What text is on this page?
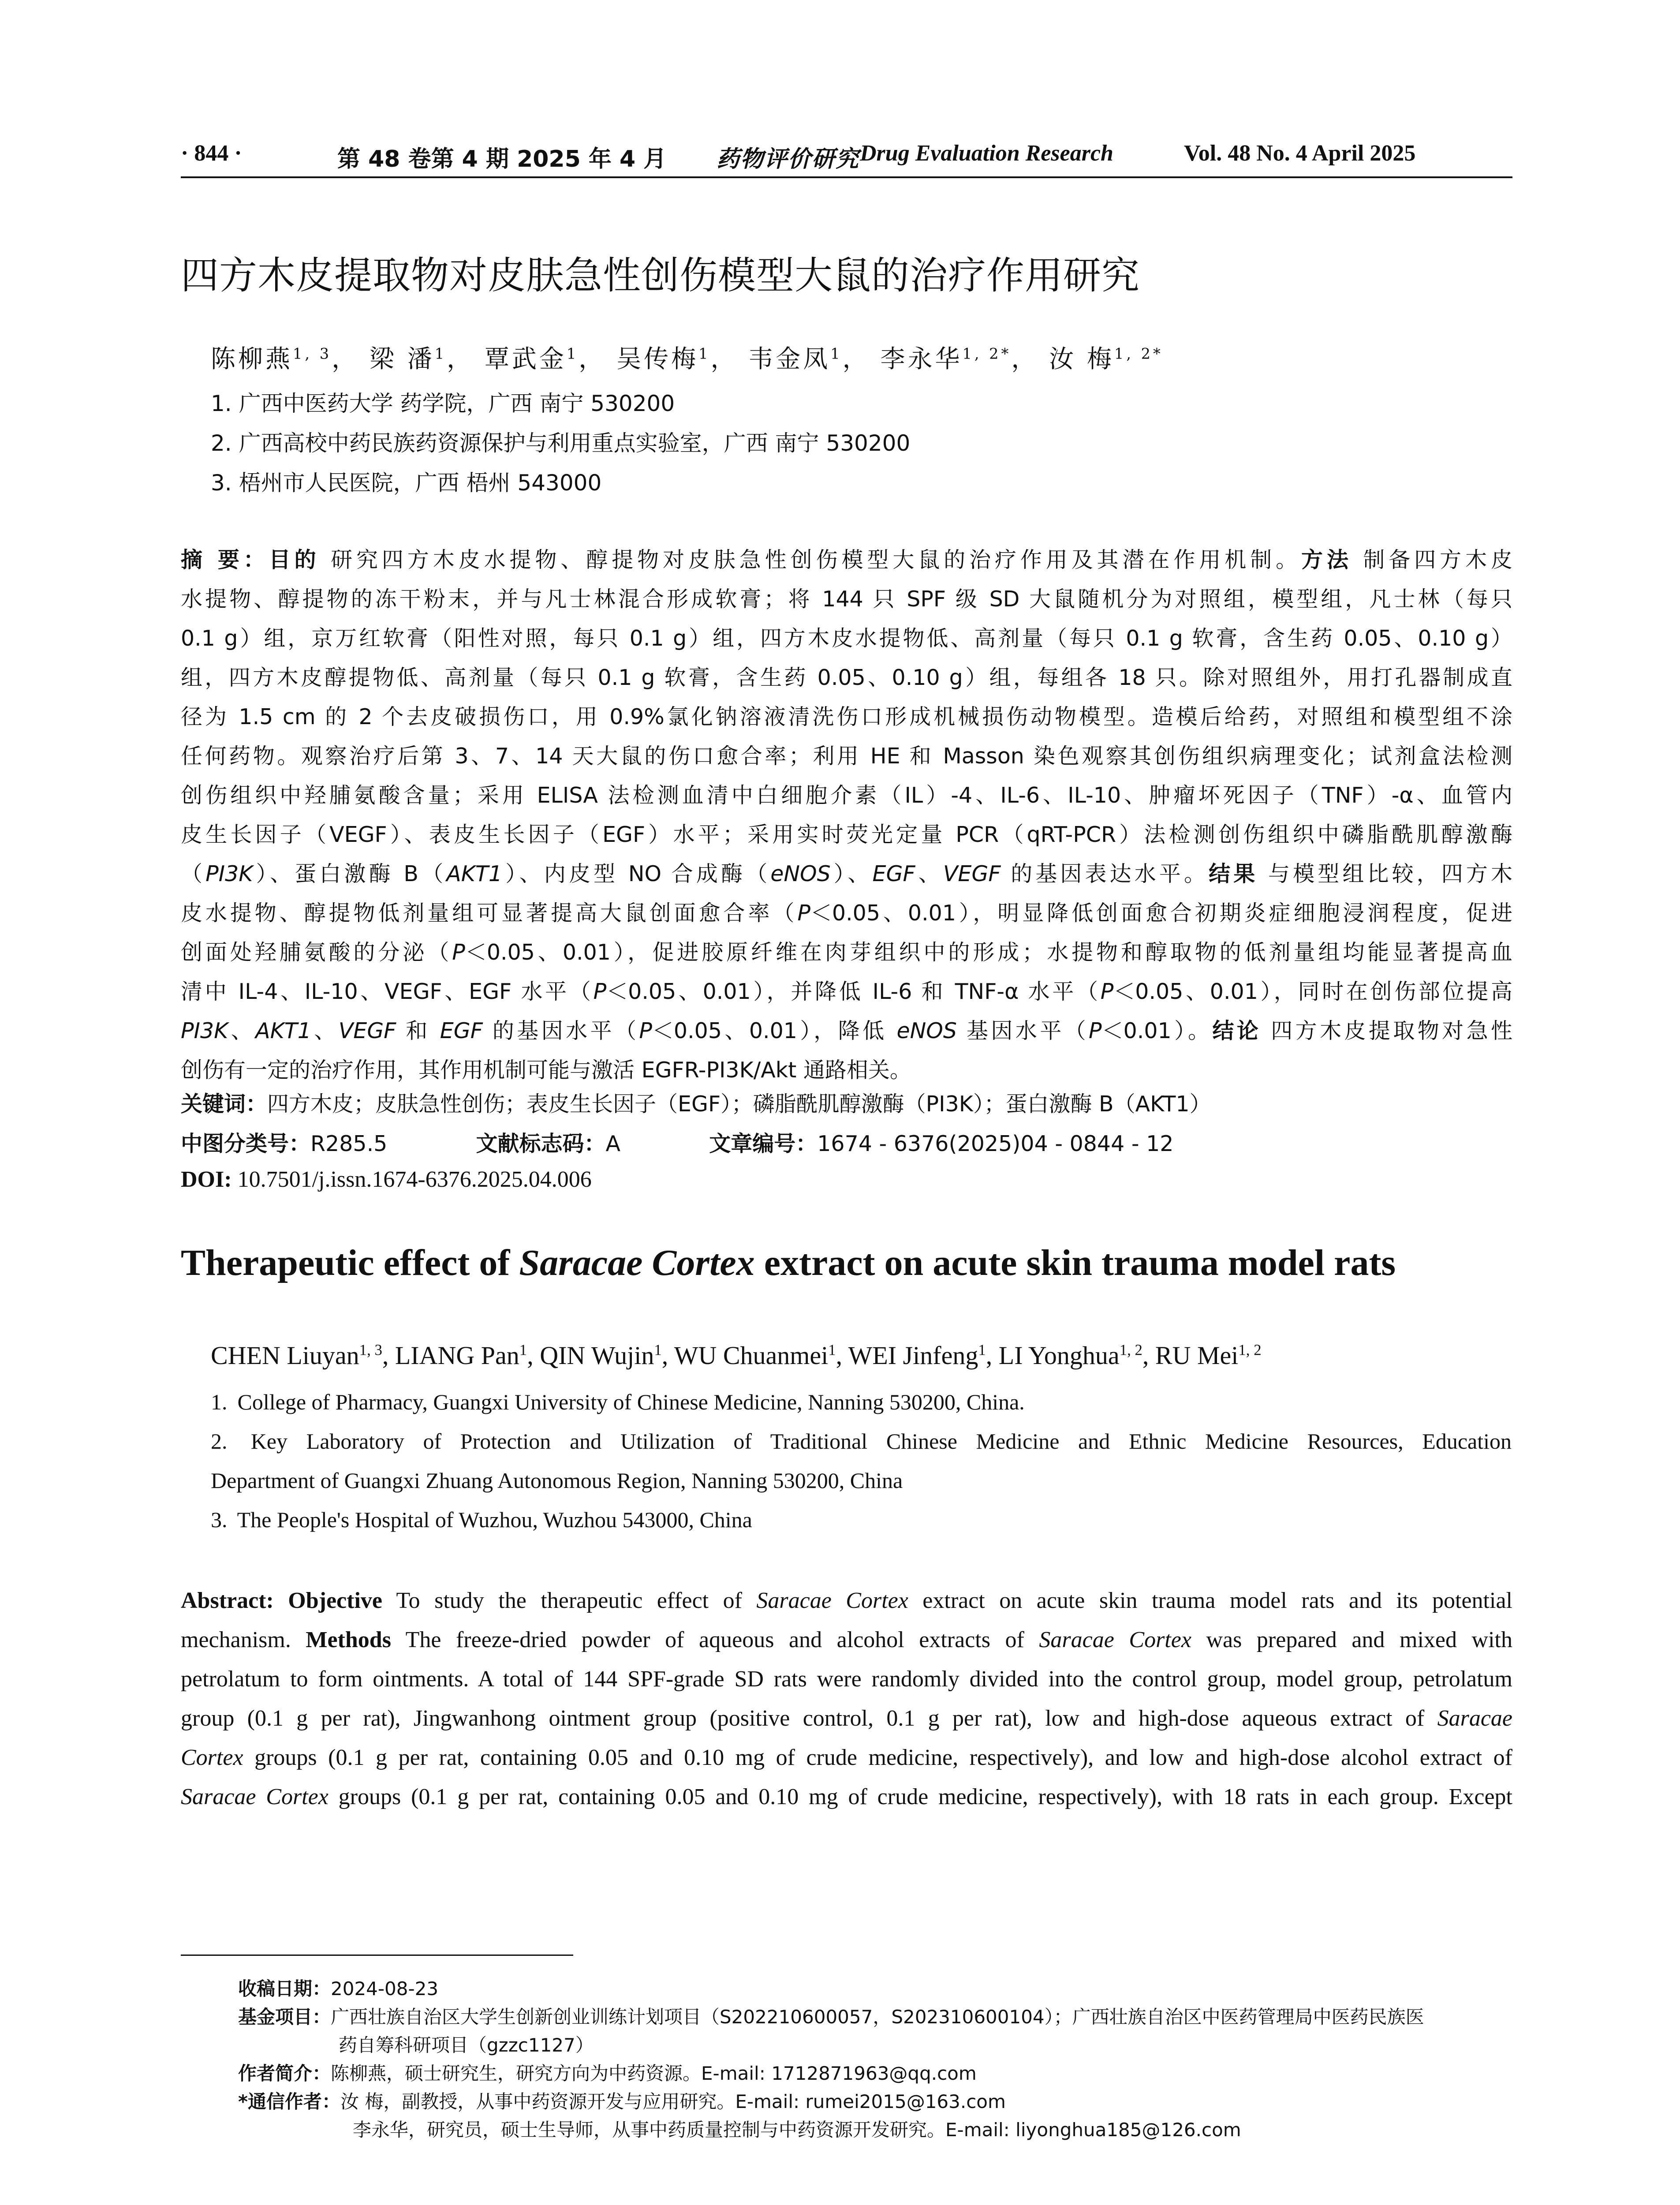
· 844 ·	第 48 卷第 4 期 2025 年 4 月 药物评价研究 Drug Evaluation Research	Vol. 48 No. 4 April 2025
四方木皮提取物对皮肤急性创伤模型大鼠的治疗作用研究
陈柳燕$^{1, 3}$， 梁 潘$^1$， 覃武金$^1$， 吴传梅$^1$， 韦金凤$^1$， 李永华$^{1, 2*}$， 汝 梅$^{1, 2*}$
1. 广西中医药大学 药学院，广西 南宁 530200
2. 广西高校中药民族药资源保护与利用重点实验室，广西 南宁 530200
3. 梧州市人民医院，广西 梧州 543000

摘 要：目的 研究四方木皮水提物、醇提物对皮肤急性创伤模型大鼠的治疗作用及其潜在作用机制。方法 制备四方木皮

水提物、醇提物的冻干粉末，并与凡士林混合形成软膏；将 144 只 SPF 级 SD 大鼠随机分为对照组，模型组，凡士林（每只

0.1 g）组，京万红软膏（阳性对照，每只 0.1 g）组，四方木皮水提物低、高剂量（每只 0.1 g 软膏，含生药 0.05、0.10 g）

组，四方木皮醇提物低、高剂量（每只 0.1 g 软膏，含生药 0.05、0.10 g）组，每组各 18 只。除对照组外，用打孔器制成直

径为 1.5 cm 的 2 个去皮破损伤口，用 0.9%氯化钠溶液清洗伤口形成机械损伤动物模型。造模后给药，对照组和模型组不涂

任何药物。观察治疗后第 3、7、14 天大鼠的伤口愈合率；利用 HE 和 Masson 染色观察其创伤组织病理变化；试剂盒法检测

创伤组织中羟脯氨酸含量；采用 ELISA 法检测血清中白细胞介素（IL）-4、IL-6、IL-10、肿瘤坏死因子（TNF）-α、血管内

皮生长因子（VEGF）、表皮生长因子（EGF）水平；采用实时荧光定量 PCR（qRT-PCR）法检测创伤组织中磷脂酰肌醇激酶

（PI3K）、蛋白激酶 B（AKT1）、内皮型 NO 合成酶（eNOS）、EGF、VEGF 的基因表达水平。结果 与模型组比较，四方木

皮水提物、醇提物低剂量组可显著提高大鼠创面愈合率（P＜0.05、0.01），明显降低创面愈合初期炎症细胞浸润程度，促进

创面处羟脯氨酸的分泌（P＜0.05、0.01），促进胶原纤维在肉芽组织中的形成；水提物和醇取物的低剂量组均能显著提高血

清中 IL-4、IL-10、VEGF、EGF 水平（P＜0.05、0.01），并降低 IL-6 和 TNF-α 水平（P＜0.05、0.01），同时在创伤部位提高

PI3K、AKT1、VEGF 和 EGF 的基因水平（P＜0.05、0.01），降低 eNOS 基因水平（P＜0.01）。结论 四方木皮提取物对急性

创伤有一定的治疗作用，其作用机制可能与激活 EGFR-PI3K/Akt 通路相关。

关键词：四方木皮；皮肤急性创伤；表皮生长因子（EGF）；磷脂酰肌醇激酶（PI3K）；蛋白激酶 B（AKT1）
中图分类号：R285.5	文献标志码：A	文章编号：1674 - 6376(2025)04 - 0844 - 12
DOI: 10.7501/j.issn.1674-6376.2025.04.006
Therapeutic effect of Saracae Cortex extract on acute skin trauma model rats
CHEN Liuyan$^{1, 3}$, LIANG Pan$^1$, QIN Wujin$^1$, WU Chuanmei$^1$, WEI Jinfeng$^1$, LI Yonghua$^{1, 2}$, RU Mei$^{1, 2}$
1. College of Pharmacy, Guangxi University of Chinese Medicine, Nanning 530200, China.
2. Key Laboratory of Protection and Utilization of Traditional Chinese Medicine and Ethnic Medicine Resources, Education
Department of Guangxi Zhuang Autonomous Region, Nanning 530200, China
3. The People's Hospital of Wuzhou, Wuzhou 543000, China

Abstract: Objective To study the therapeutic effect of Saracae Cortex extract on acute skin trauma model rats and its potential

mechanism. Methods The freeze-dried powder of aqueous and alcohol extracts of Saracae Cortex was prepared and mixed with

petrolatum to form ointments. A total of 144 SPF-grade SD rats were randomly divided into the control group, model group, petrolatum

group (0.1 g per rat), Jingwanhong ointment group (positive control, 0.1 g per rat), low and high-dose aqueous extract of Saracae

Cortex groups (0.1 g per rat, containing 0.05 and 0.10 mg of crude medicine, respectively), and low and high-dose alcohol extract of

Saracae Cortex groups (0.1 g per rat, containing 0.05 and 0.10 mg of crude medicine, respectively), with 18 rats in each group. Except

收稿日期：2024-08-23
基金项目：广西壮族自治区大学生创新创业训练计划项目（S202210600057，S202310600104）；广西壮族自治区中医药管理局中医药民族医
药自筹科研项目（gzzc1127）
作者简介：陈柳燕，硕士研究生，研究方向为中药资源。E-mail: 1712871963@qq.com
*通信作者：汝 梅，副教授，从事中药资源开发与应用研究。E-mail: rumei2015@163.com
李永华，研究员，硕士生导师，从事中药质量控制与中药资源开发研究。E-mail: liyonghua185@126.com
